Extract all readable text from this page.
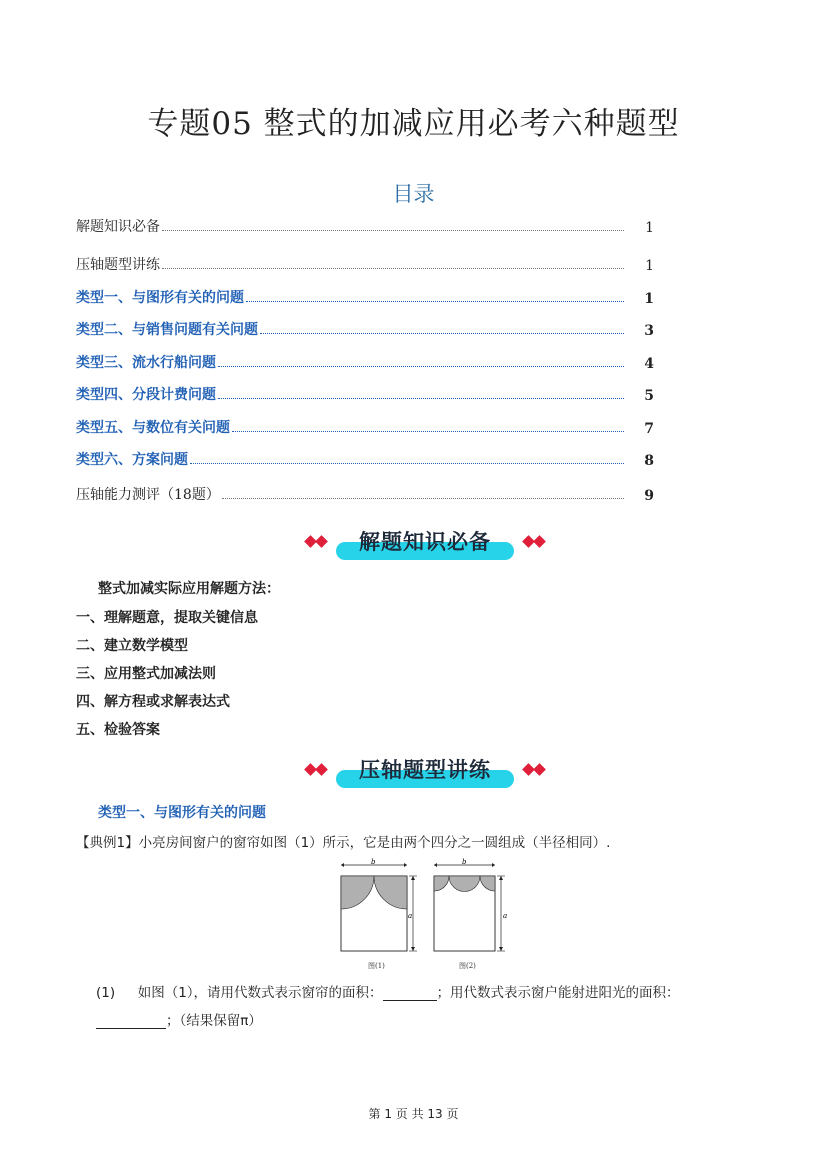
专题05 整式的加减应用必考六种题型
目录
解题知识必备	1
压轴题型讲练	1
类型一、与图形有关的问题	1
类型二、与销售问题有关问题	3
类型三、流水行船问题	4
类型四、分段计费问题	5
类型五、与数位有关问题	7
类型六、方案问题	8
压轴能力测评（18题）	9
解题知识必备
整式加减实际应用解题方法：
一、理解题意，提取关键信息
二、建立数学模型
三、应用整式加减法则
四、解方程或求解表达式
五、检验答案
压轴题型讲练
类型一、与图形有关的问题
【典例1】小亮房间窗户的窗帘如图（1）所示，它是由两个四分之一圆组成（半径相同）.
b
a
图(1)
b
a
图(2)
(1) 如图（1），请用代数式表示窗帘的面积：	；用代数式表示窗户能射进阳光的面积：
；（结果保留π）
第 1 页 共 13 页
